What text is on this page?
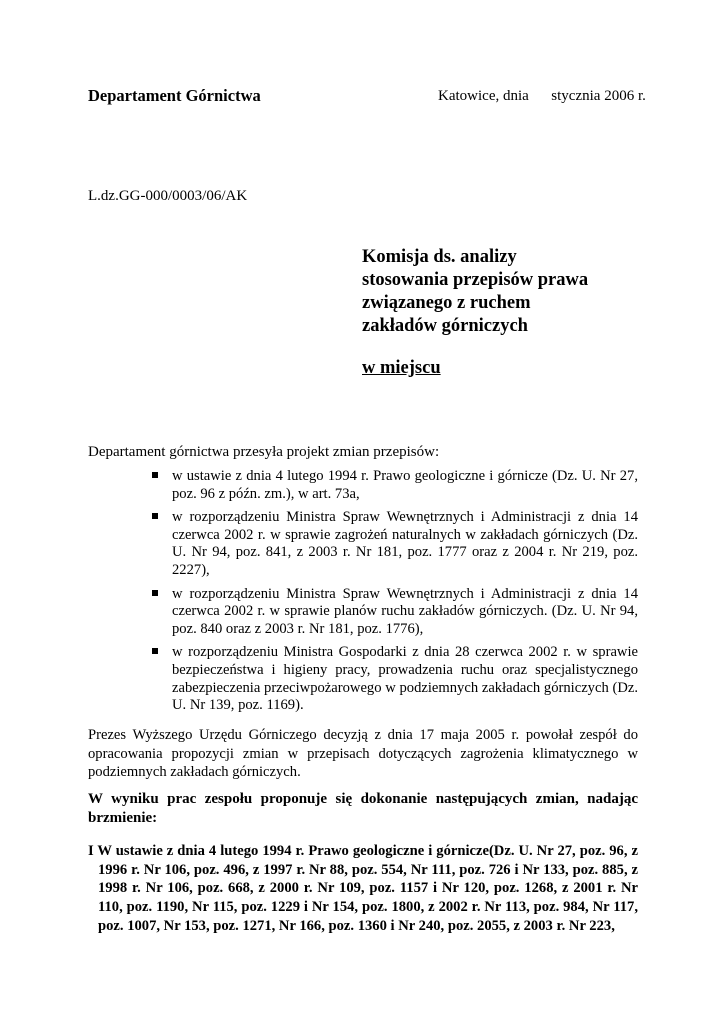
Departament Górnictwa	Katowice, dnia      stycznia 2006 r.
L.dz.GG-000/0003/06/AK
Komisja ds. analizy
stosowania przepisów prawa
związanego z ruchem
zakładów górniczych
w miejscu
Departament górnictwa przesyła projekt zmian przepisów:
w ustawie z dnia 4 lutego 1994 r. Prawo geologiczne i górnicze (Dz. U. Nr 27, poz. 96 z późn. zm.), w art. 73a,
w rozporządzeniu Ministra Spraw Wewnętrznych i Administracji z dnia 14 czerwca 2002 r. w sprawie zagrożeń naturalnych w zakładach górniczych (Dz. U. Nr 94, poz. 841, z 2003 r. Nr 181, poz. 1777 oraz z 2004 r. Nr 219, poz. 2227),
w rozporządzeniu Ministra Spraw Wewnętrznych i Administracji z dnia 14 czerwca 2002 r. w sprawie planów ruchu zakładów górniczych. (Dz. U. Nr 94, poz. 840 oraz z 2003 r. Nr 181, poz. 1776),
w rozporządzeniu Ministra Gospodarki z dnia 28 czerwca 2002 r. w sprawie bezpieczeństwa i higieny pracy, prowadzenia ruchu oraz specjalistycznego zabezpieczenia przeciwpożarowego w podziemnych zakładach górniczych (Dz. U. Nr 139, poz. 1169).
Prezes Wyższego Urzędu Górniczego decyzją z dnia 17 maja 2005 r. powołał zespół do opracowania propozycji zmian w przepisach dotyczących zagrożenia klimatycznego w podziemnych zakładach górniczych.
W wyniku prac zespołu proponuje się dokonanie następujących zmian, nadając brzmienie:
I W ustawie z dnia 4 lutego 1994 r. Prawo geologiczne i górnicze(Dz. U. Nr 27, poz. 96, z 1996 r. Nr 106, poz. 496, z 1997 r. Nr 88, poz. 554, Nr 111, poz. 726 i Nr 133, poz. 885, z 1998 r. Nr 106, poz. 668, z 2000 r. Nr 109, poz. 1157 i Nr 120, poz. 1268, z 2001 r. Nr 110, poz. 1190, Nr 115, poz. 1229 i Nr 154, poz. 1800, z 2002 r. Nr 113, poz. 984, Nr 117, poz. 1007, Nr 153, poz. 1271, Nr 166, poz. 1360 i Nr 240, poz. 2055, z 2003 r. Nr 223,
